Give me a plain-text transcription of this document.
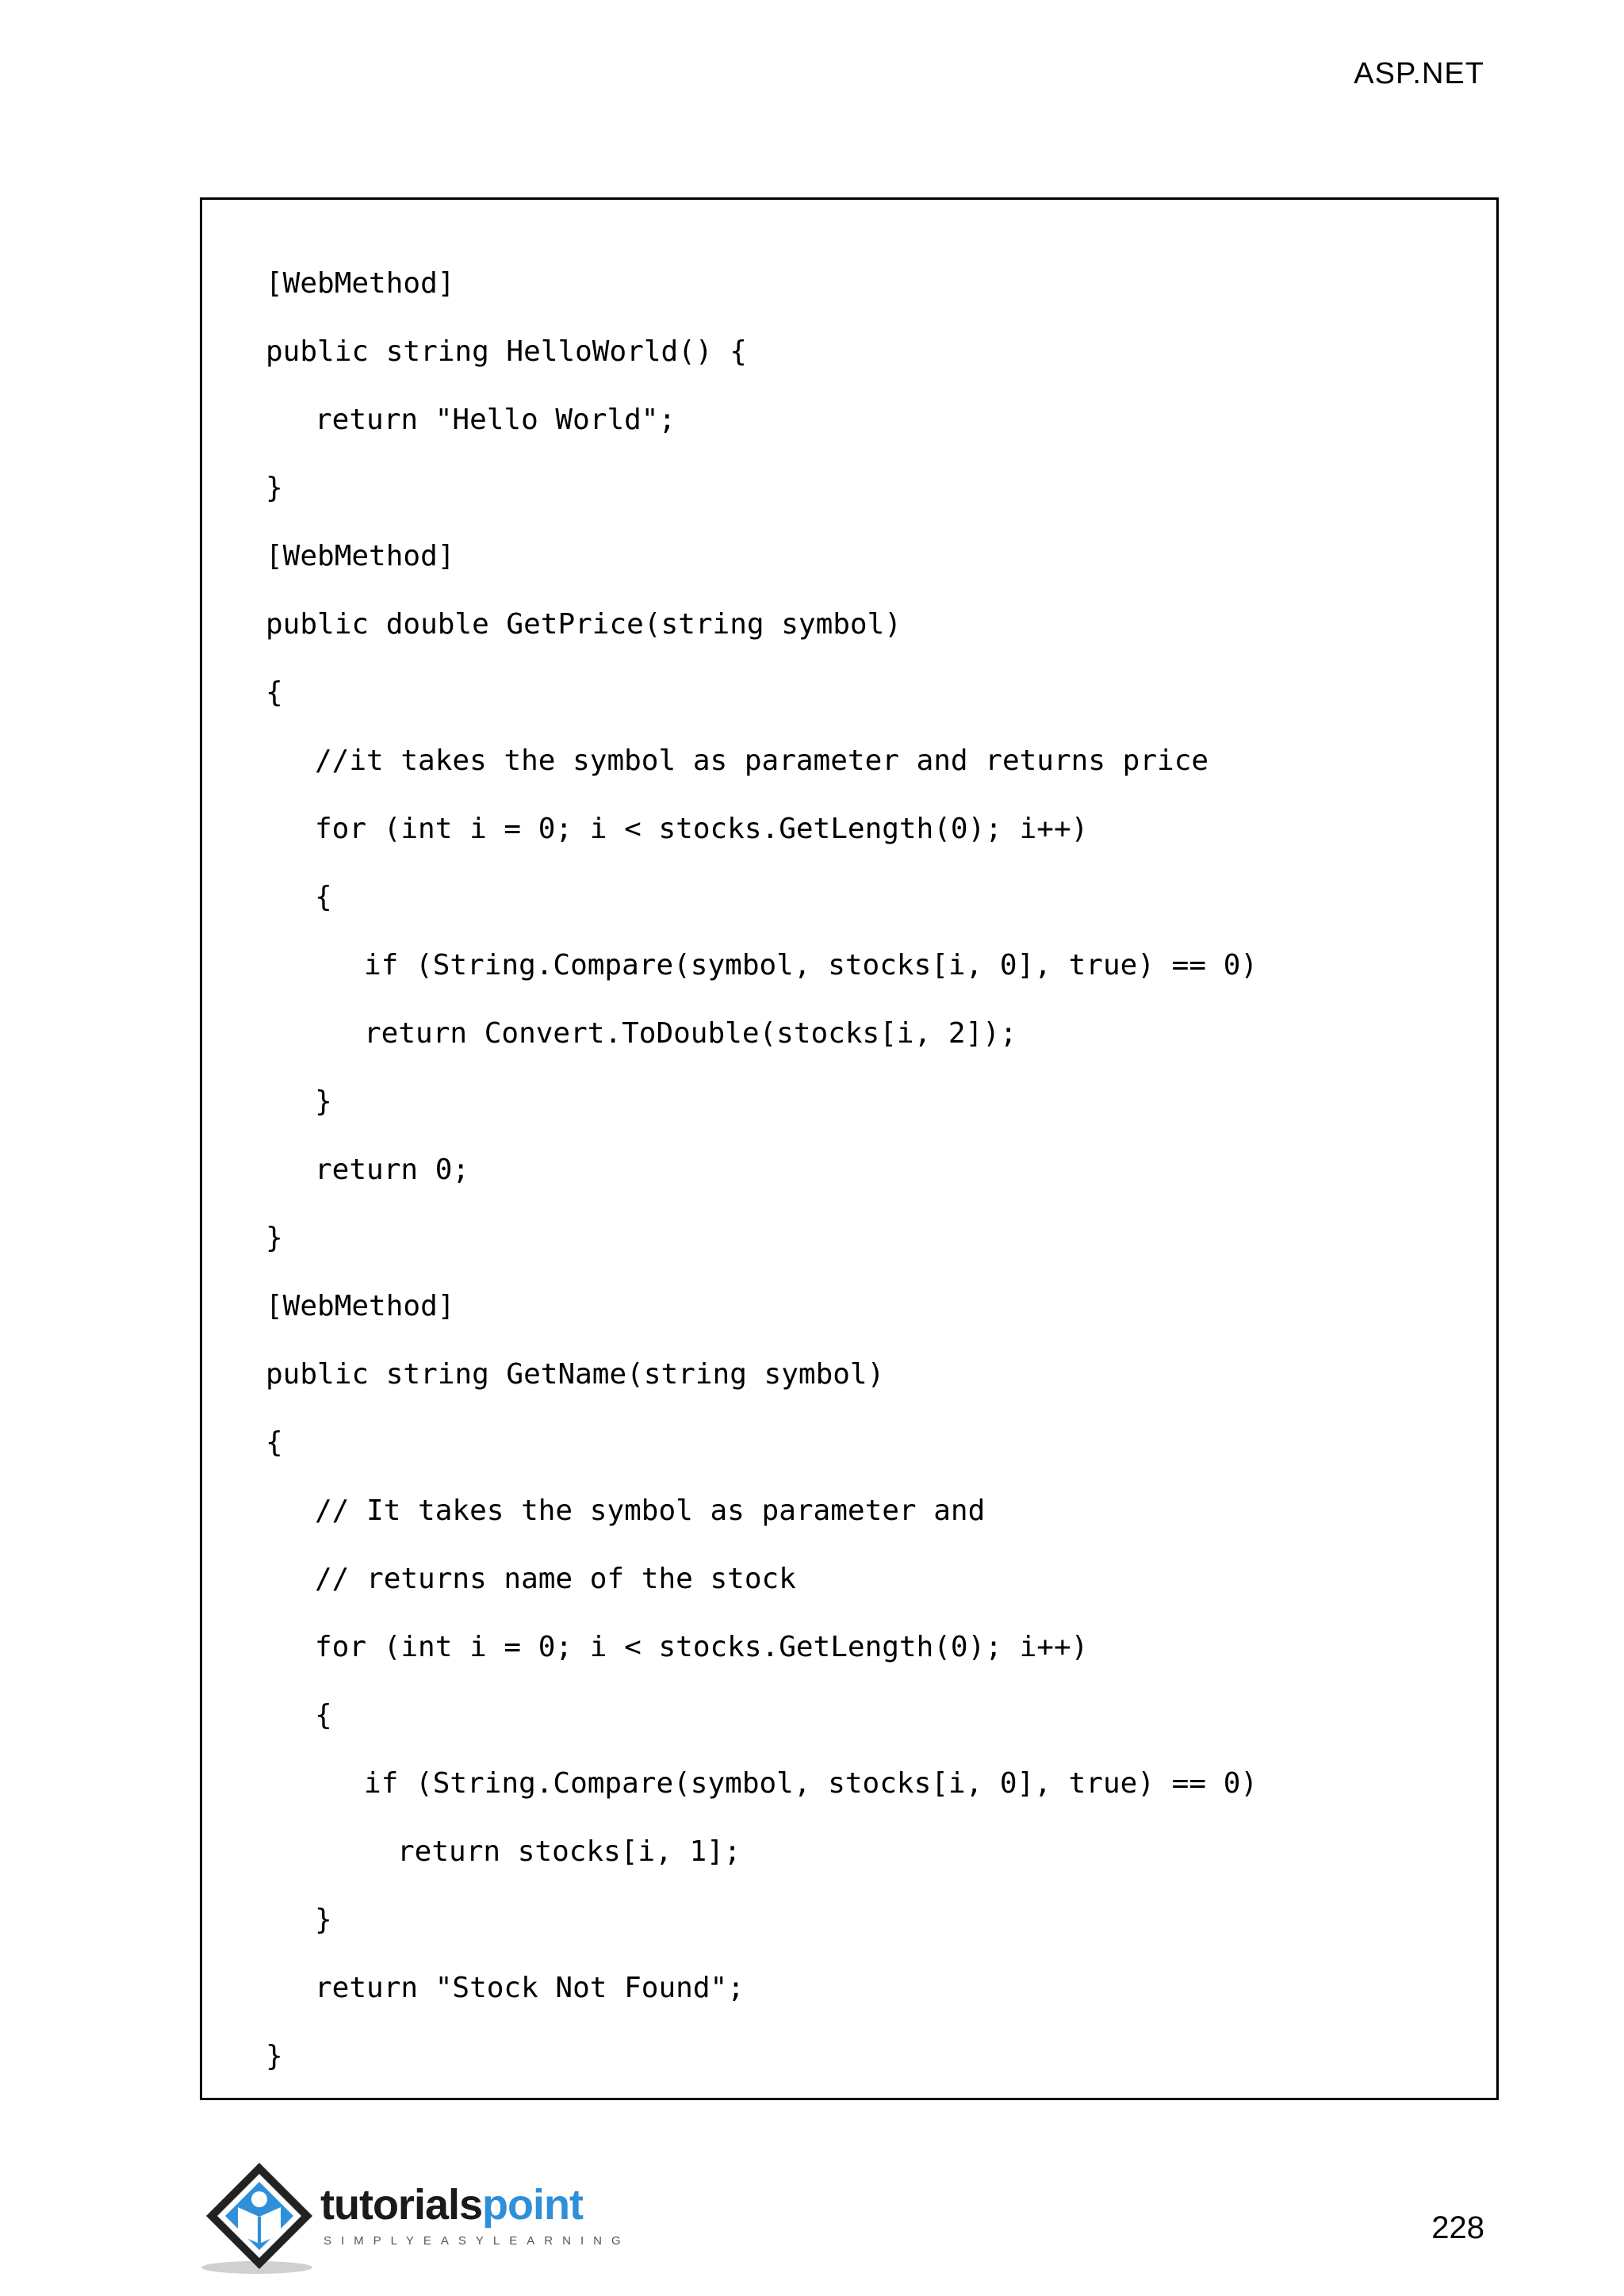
ASP.NET
[WebMethod]
public string HelloWorld() {
return "Hello World";
}
[WebMethod]
public double GetPrice(string symbol)
{
//it takes the symbol as parameter and returns price
for (int i = 0; i < stocks.GetLength(0); i++)
{
if (String.Compare(symbol, stocks[i, 0], true) == 0)
return Convert.ToDouble(stocks[i, 2]);
}
return 0;
}
[WebMethod]
public string GetName(string symbol)
{
// It takes the symbol as parameter and
// returns name of the stock
for (int i = 0; i < stocks.GetLength(0); i++)
{
if (String.Compare(symbol, stocks[i, 0], true) == 0)
return stocks[i, 1];
}
return "Stock Not Found";
}
tutorialspoint
SIMPLYEASYLEARNING	228
